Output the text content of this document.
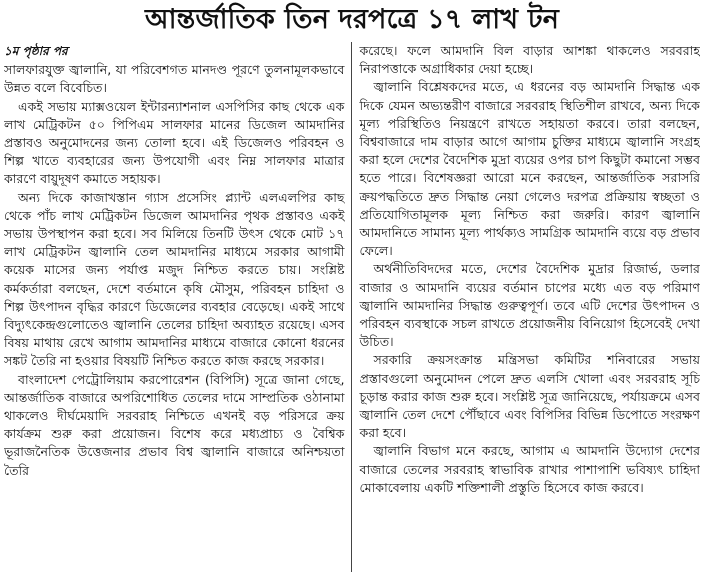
আন্তর্জাতিক তিন দরপত্রে ১৭ লাখ টন
১ম পৃষ্ঠার পর

সালফারযুক্ত জ্বালানি, যা পরিবেশগত মানদণ্ড পূরণে তুলনামূলকভাবে উন্নত বলে বিবেচিত।

একই সভায় ম্যাক্সওয়েল ইন্টারন্যাশনাল এসপিসির কাছ থেকে এক লাখ মেট্রিকটন ৫০ পিপিএম সালফার মানের ডিজেল আমদানির প্রস্তাবও অনুমোদনের জন্য তোলা হবে। এই ডিজেলও পরিবহন ও শিল্প খাতে ব্যবহারের জন্য উপযোগী এবং নিম্ন সালফার মাত্রার কারণে বায়ুদূষণ কমাতে সহায়ক।

অন্য দিকে কাজাখস্তান গ্যাস প্রসেসিং প্ল্যান্ট এলএলপির কাছ থেকে পাঁচ লাখ মেট্রিকটন ডিজেল আমদানির পৃথক প্রস্তাবও একই সভায় উপস্থাপন করা হবে। সব মিলিয়ে তিনটি উৎস থেকে মোট ১৭ লাখ মেট্রিকটন জ্বালানি তেল আমদানির মাধ্যমে সরকার আগামী কয়েক মাসের জন্য পর্যাপ্ত মজুদ নিশ্চিত করতে চায়। সংশ্লিষ্ট কর্মকর্তারা বলছেন, দেশে বর্তমানে কৃষি মৌসুম, পরিবহন চাহিদা ও শিল্প উৎপাদন বৃদ্ধির কারণে ডিজেলের ব্যবহার বেড়েছে। একই সাথে বিদ্যুৎকেন্দ্রগুলোতেও জ্বালানি তেলের চাহিদা অব্যাহত রয়েছে। এসব বিষয় মাথায় রেখে আগাম আমদানির মাধ্যমে বাজারে কোনো ধরনের সঙ্কট তৈরি না হওয়ার বিষয়টি নিশ্চিত করতে কাজ করছে সরকার।

বাংলাদেশ পেট্রোলিয়াম করপোরেশন (বিপিসি) সূত্রে জানা গেছে, আন্তর্জাতিক বাজারে অপরিশোধিত তেলের দামে সাম্প্রতিক ওঠানামা থাকলেও দীর্ঘমেয়াদি সরবরাহ নিশ্চিতে এখনই বড় পরিসরে ক্রয় কার্যক্রম শুরু করা প্রয়োজন। বিশেষ করে মধ্যপ্রাচ্য ও বৈশ্বিক ভূরাজনৈতিক উত্তেজনার প্রভাব বিশ্ব জ্বালানি বাজারে অনিশ্চয়তা তৈরি

করেছে। ফলে আমদানি বিল বাড়ার আশঙ্কা থাকলেও সরবরাহ নিরাপত্তাকে অগ্রাধিকার দেয়া হচ্ছে।

জ্বালানি বিশ্লেষকদের মতে, এ ধরনের বড় আমদানি সিদ্ধান্ত এক দিকে যেমন অভ্যন্তরীণ বাজারে সরবরাহ স্থিতিশীল রাখবে, অন্য দিকে মূল্য পরিস্থিতিও নিয়ন্ত্রণে রাখতে সহায়তা করবে। তারা বলছেন, বিশ্ববাজারে দাম বাড়ার আগে আগাম চুক্তির মাধ্যমে জ্বালানি সংগ্রহ করা হলে দেশের বৈদেশিক মুদ্রা ব্যয়ের ওপর চাপ কিছুটা কমানো সম্ভব হতে পারে। বিশেষজ্ঞরা আরো মনে করছেন, আন্তর্জাতিক সরাসরি ক্রয়পদ্ধতিতে দ্রুত সিদ্ধান্ত নেয়া গেলেও দরপত্র প্রক্রিয়ায় স্বচ্ছতা ও প্রতিযোগিতামূলক মূল্য নিশ্চিত করা জরুরি। কারণ জ্বালানি আমদানিতে সামান্য মূল্য পার্থক্যও সামগ্রিক আমদানি ব্যয়ে বড় প্রভাব ফেলে।

অর্থনীতিবিদদের মতে, দেশের বৈদেশিক মুদ্রার রিজার্ভ, ডলার বাজার ও আমদানি ব্যয়ের বর্তমান চাপের মধ্যে এত বড় পরিমাণ জ্বালানি আমদানির সিদ্ধান্ত গুরুত্বপূর্ণ। তবে এটি দেশের উৎপাদন ও পরিবহন ব্যবস্থাকে সচল রাখতে প্রয়োজনীয় বিনিয়োগ হিসেবেই দেখা উচিত।

সরকারি ক্রয়সংক্রান্ত মন্ত্রিসভা কমিটির শনিবারের সভায় প্রস্তাবগুলো অনুমোদন পেলে দ্রুত এলসি খোলা এবং সরবরাহ সূচি চূড়ান্ত করার কাজ শুরু হবে। সংশ্লিষ্ট সূত্র জানিয়েছে, পর্যায়ক্রমে এসব জ্বালানি তেল দেশে পৌঁছাবে এবং বিপিসির বিভিন্ন ডিপোতে সংরক্ষণ করা হবে।

জ্বালানি বিভাগ মনে করছে, আগাম এ আমদানি উদ্যোগ দেশের বাজারে তেলের সরবরাহ স্বাভাবিক রাখার পাশাপাশি ভবিষ্যৎ চাহিদা মোকাবেলায় একটি শক্তিশালী প্রস্তুতি হিসেবে কাজ করবে।
